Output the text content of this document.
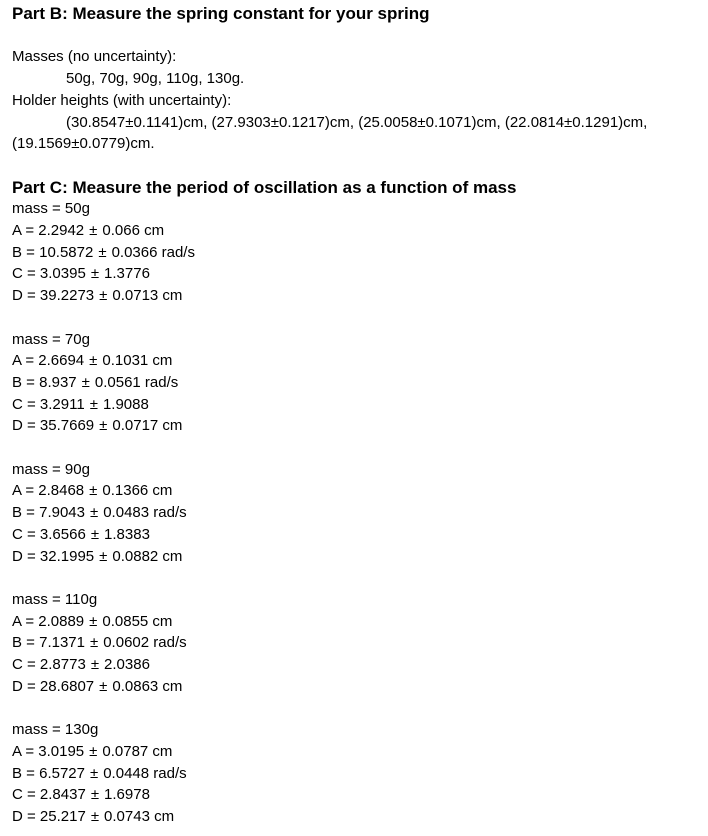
Part B: Measure the spring constant for your spring

Masses (no uncertainty):

50g, 70g, 90g, 110g, 130g.

Holder heights (with uncertainty):

(30.8547±0.1141)cm, (27.9303±0.1217)cm, (25.0058±0.1071)cm, (22.0814±0.1291)cm, (19.1569±0.0779)cm.

Part C: Measure the period of oscillation as a function of mass

mass = 50g

A = 2.2942 ± 0.066 cm

B = 10.5872 ± 0.0366 rad/s

C = 3.0395 ± 1.3776

D = 39.2273 ± 0.0713 cm

mass = 70g

A = 2.6694 ± 0.1031 cm

B = 8.937 ± 0.0561 rad/s

C = 3.2911 ± 1.9088

D = 35.7669 ± 0.0717 cm

mass = 90g

A = 2.8468 ± 0.1366 cm

B = 7.9043 ± 0.0483 rad/s

C = 3.6566 ± 1.8383

D = 32.1995 ± 0.0882 cm

mass = 110g

A = 2.0889 ± 0.0855 cm

B = 7.1371 ± 0.0602 rad/s

C = 2.8773 ± 2.0386

D = 28.6807 ± 0.0863 cm

mass = 130g

A = 3.0195 ± 0.0787 cm

B = 6.5727 ± 0.0448 rad/s

C = 2.8437 ± 1.6978

D = 25.217 ± 0.0743 cm
